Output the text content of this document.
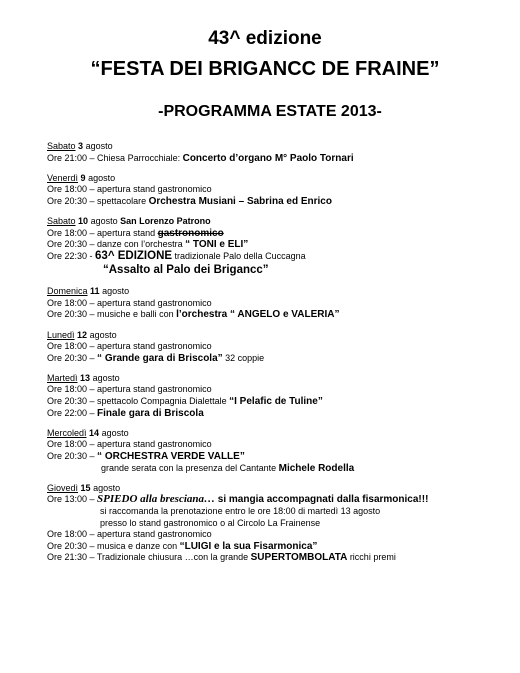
43^ edizione
“FESTA DEI BRIGANCC DE FRAINE”
-PROGRAMMA ESTATE 2013-
Sabato 3 agosto
Ore 21:00 – Chiesa Parrocchiale: Concerto d’organo M° Paolo Tornari
Venerdì 9 agosto
Ore 18:00 – apertura stand gastronomico
Ore 20:30 – spettacolare Orchestra Musiani – Sabrina ed Enrico
Sabato 10 agosto San Lorenzo Patrono
Ore 18:00 – apertura stand gastronomico
Ore 20:30 – danze con l’orchestra “ TONI e ELI”
Ore 22:30 - 63^ EDIZIONE tradizionale Palo della Cuccagna
“Assalto al Palo dei Brigancc”
Domenica 11 agosto
Ore 18:00 – apertura stand gastronomico
Ore 20:30 – musiche e balli con l’orchestra “ ANGELO e VALERIA”
Lunedì 12 agosto
Ore 18:00 – apertura stand gastronomico
Ore 20:30 – “ Grande gara di Briscola” 32 coppie
Martedì 13 agosto
Ore 18:00 – apertura stand gastronomico
Ore 20:30 – spettacolo Compagnia Dialettale “I Pelafic de Tuline”
Ore 22:00 – Finale gara di Briscola
Mercoledì 14 agosto
Ore 18:00 – apertura stand gastronomico
Ore 20:30 – “ ORCHESTRA VERDE VALLE”
grande serata con la presenza del Cantante Michele Rodella
Giovedì 15 agosto
Ore 13:00 – SPIEDO alla bresciana… si mangia accompagnati dalla fisarmonica!!!
si raccomanda la prenotazione entro le ore 18:00 di martedì 13 agosto
presso lo stand gastronomico o al Circolo La Frainense
Ore 18:00 – apertura stand gastronomico
Ore 20:30 – musica e danze con “LUIGI e la sua Fisarmonica”
Ore 21:30 – Tradizionale chiusura …con la grande SUPERTOMBOLATA ricchi premi
